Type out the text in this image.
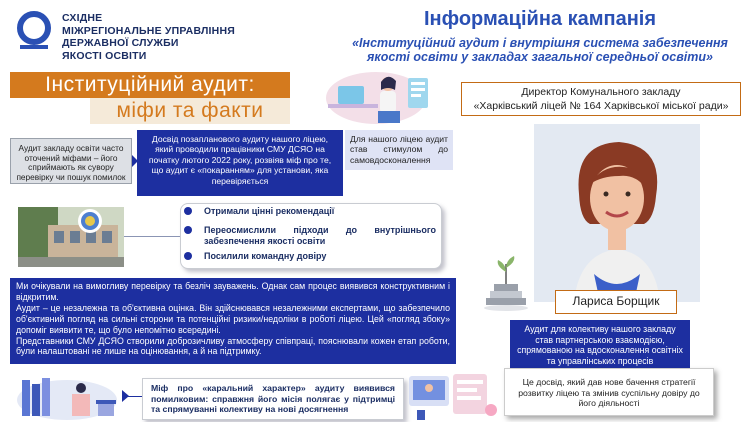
СХІДНЕ
МІЖРЕГІОНАЛЬНЕ УПРАВЛІННЯ
ДЕРЖАВНОЇ СЛУЖБИ
ЯКОСТІ ОСВІТИ
Інформаційна кампанія
«Інституційний аудит і внутрішня система забезпечення
якості освіти у закладах загальної середньої освіти»
Інституційний аудит:
міфи та факти
Директор Комунального закладу
«Харківський ліцей № 164 Харківської міської ради»
Лариса Борщик
Аудит закладу освіти часто оточений міфами – його сприймають як сувору перевірку чи пошук помилок
Досвід позапланового аудиту нашого ліцею, який проводили працівники СМУ ДСЯО на початку лютого 2022 року, розвіяв міф про те, що аудит є «покаранням» для установи, яка перевіряється
Для нашого ліцею аудит став стимулом до самовдосконалення
Отримали цінні рекомендації
Переосмислили підходи до внутрішнього забезпечення якості освіти
Посилили командну довіру
Ми очікували на вимогливу перевірку та безліч зауважень. Однак сам процес виявився конструктивним і відкритим.
Аудит – це незалежна та об'єктивна оцінка. Він здійснювався незалежними експертами, що забезпечило об'єктивний погляд на сильні сторони та потенційні ризики/недоліки в роботі ліцею. Цей «погляд збоку» допоміг виявити те, що було непомітно всередині.
Представники СМУ ДСЯО створили доброзичливу атмосферу співпраці, пояснювали кожен етап роботи, були налаштовані не лише на оцінювання, а й на підтримку.
Аудит для колективу нашого закладу став партнерською взаємодією, спрямованою на вдосконалення освітніх та управлінських процесів
Це досвід, який дав нове бачення стратегії розвитку ліцею та змінив суспільну довіру до його діяльності
Міф про «каральний характер» аудиту виявився помилковим: справжня його місія полягає у підтримці та спрямуванні колективу на нові досягнення
